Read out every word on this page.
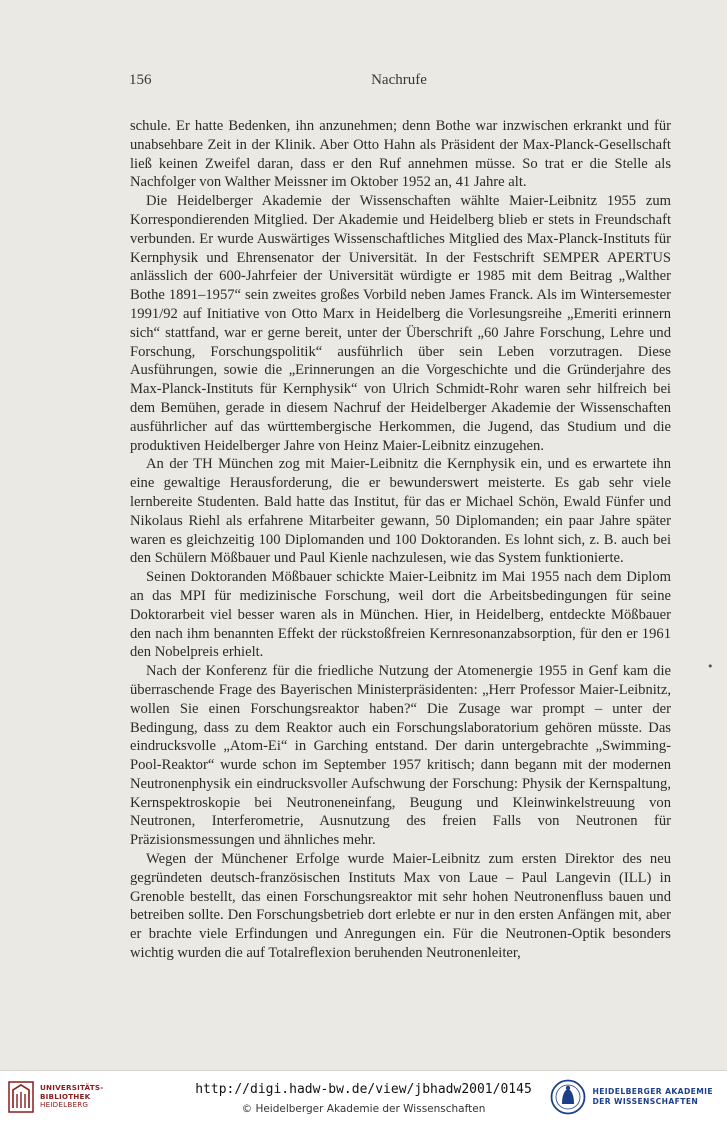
156	Nachrufe

schule. Er hatte Bedenken, ihn anzunehmen; denn Bothe war inzwischen erkrankt und für unabsehbare Zeit in der Klinik. Aber Otto Hahn als Präsident der Max-Planck-Gesellschaft ließ keinen Zweifel daran, dass er den Ruf annehmen müsse. So trat er die Stelle als Nachfolger von Walther Meissner im Oktober 1952 an, 41 Jahre alt.

Die Heidelberger Akademie der Wissenschaften wählte Maier-Leibnitz 1955 zum Korrespondierenden Mitglied. Der Akademie und Heidelberg blieb er stets in Freundschaft verbunden. Er wurde Auswärtiges Wissenschaftliches Mitglied des Max-Planck-Instituts für Kernphysik und Ehrensenator der Universität. In der Festschrift SEMPER APERTUS anlässlich der 600-Jahrfeier der Universität würdigte er 1985 mit dem Beitrag „Walther Bothe 1891–1957“ sein zweites großes Vorbild neben James Franck. Als im Wintersemester 1991/92 auf Initiative von Otto Marx in Heidelberg die Vorlesungsreihe „Emeriti erinnern sich“ stattfand, war er gerne bereit, unter der Überschrift „60 Jahre Forschung, Lehre und Forschung, Forschungspolitik“ ausführlich über sein Leben vorzutragen. Diese Ausführungen, sowie die „Erinnerungen an die Vorgeschichte und die Gründerjahre des Max-Planck-Instituts für Kernphysik“ von Ulrich Schmidt-Rohr waren sehr hilfreich bei dem Bemühen, gerade in diesem Nachruf der Heidelberger Akademie der Wissenschaften ausführlicher auf das württembergische Herkommen, die Jugend, das Studium und die produktiven Heidelberger Jahre von Heinz Maier-Leibnitz einzugehen.

An der TH München zog mit Maier-Leibnitz die Kernphysik ein, und es erwartete ihn eine gewaltige Herausforderung, die er bewunderswert meisterte. Es gab sehr viele lernbereite Studenten. Bald hatte das Institut, für das er Michael Schön, Ewald Fünfer und Nikolaus Riehl als erfahrene Mitarbeiter gewann, 50 Diplomanden; ein paar Jahre später waren es gleichzeitig 100 Diplomanden und 100 Doktoranden. Es lohnt sich, z. B. auch bei den Schülern Mößbauer und Paul Kienle nachzulesen, wie das System funktionierte.

Seinen Doktoranden Mößbauer schickte Maier-Leibnitz im Mai 1955 nach dem Diplom an das MPI für medizinische Forschung, weil dort die Arbeitsbedingungen für seine Doktorarbeit viel besser waren als in München. Hier, in Heidelberg, entdeckte Mößbauer den nach ihm benannten Effekt der rückstoßfreien Kernresonanzabsorption, für den er 1961 den Nobelpreis erhielt.

Nach der Konferenz für die friedliche Nutzung der Atomenergie 1955 in Genf kam die überraschende Frage des Bayerischen Ministerpräsidenten: „Herr Professor Maier-Leibnitz, wollen Sie einen Forschungsreaktor haben?“ Die Zusage war prompt – unter der Bedingung, dass zu dem Reaktor auch ein Forschungslaboratorium gehören müsste. Das eindrucksvolle „Atom-Ei“ in Garching entstand. Der darin untergebrachte „Swimming-Pool-Reaktor“ wurde schon im September 1957 kritisch; dann begann mit der modernen Neutronenphysik ein eindrucksvoller Aufschwung der Forschung: Physik der Kernspaltung, Kernspektroskopie bei Neutroneneinfang, Beugung und Kleinwinkelstreuung von Neutronen, Interferometrie, Ausnutzung des freien Falls von Neutronen für Präzisionsmessungen und ähnliches mehr.

Wegen der Münchener Erfolge wurde Maier-Leibnitz zum ersten Direktor des neu gegründeten deutsch-französischen Instituts Max von Laue – Paul Langevin (ILL) in Grenoble bestellt, das einen Forschungsreaktor mit sehr hohen Neutronenfluss bauen und betreiben sollte. Den Forschungsbetrieb dort erlebte er nur in den ersten Anfängen mit, aber er brachte viele Erfindungen und Anregungen ein. Für die Neutronen-Optik besonders wichtig wurden die auf Totalreflexion beruhenden Neutronenleiter,

•
UNIVERSITÄTS-
BIBLIOTHEK
HEIDELBERG
http://digi.hadw-bw.de/view/jbhadw2001/0145
© Heidelberger Akademie der Wissenschaften
HEIDELBERGER AKADEMIE
DER WISSENSCHAFTEN
